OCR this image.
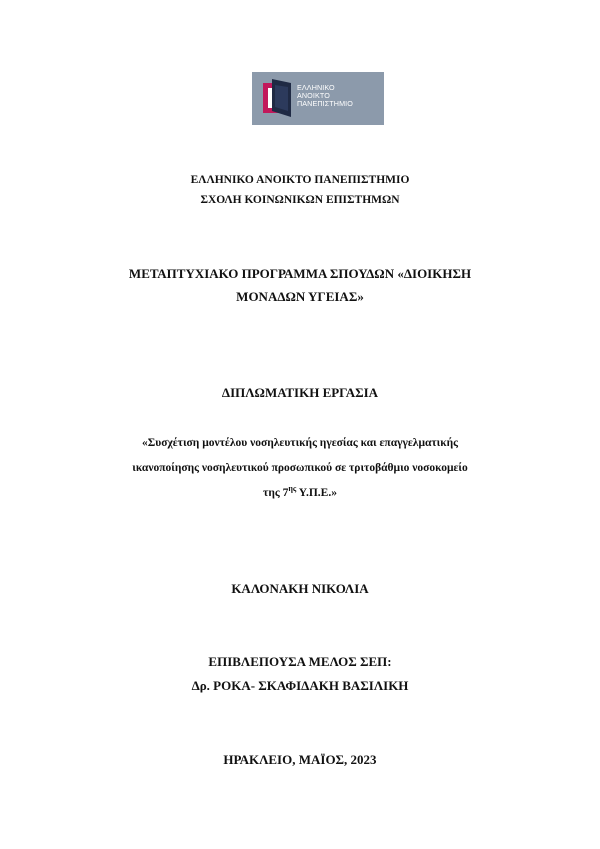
ΕΛΛΗΝΙΚΟ
ΑΝΟΙΚΤΟ
ΠΑΝΕΠΙΣΤΗΜΙΟ
ΕΛΛΗΝΙΚΟ ΑΝΟΙΚΤΟ ΠΑΝΕΠΙΣΤΗΜΙΟ
ΣΧΟΛΗ ΚΟΙΝΩΝΙΚΩΝ ΕΠΙΣΤΗΜΩΝ
ΜΕΤΑΠΤΥΧΙΑΚΟ ΠΡΟΓΡΑΜΜΑ ΣΠΟΥΔΩΝ «ΔΙΟΙΚΗΣΗ
ΜΟΝΑΔΩΝ ΥΓΕΙΑΣ»
ΔΙΠΛΩΜΑΤΙΚΗ ΕΡΓΑΣΙΑ
«Συσχέτιση μοντέλου νοσηλευτικής ηγεσίας και επαγγελματικής
ικανοποίησης νοσηλευτικού προσωπικού σε τριτοβάθμιο νοσοκομείο
της $7^{\eta\varsigma}$ Υ.Π.Ε.»
ΚΑΛΟΝΑΚΗ ΝΙΚΟΛΙΑ
ΕΠΙΒΛΕΠΟΥΣΑ ΜΕΛΟΣ ΣΕΠ:
Δρ. ΡΟΚΑ- ΣΚΑΦΙΔΑΚΗ ΒΑΣΙΛΙΚΗ
ΗΡΑΚΛΕΙΟ, ΜΑΪΟΣ, 2023
